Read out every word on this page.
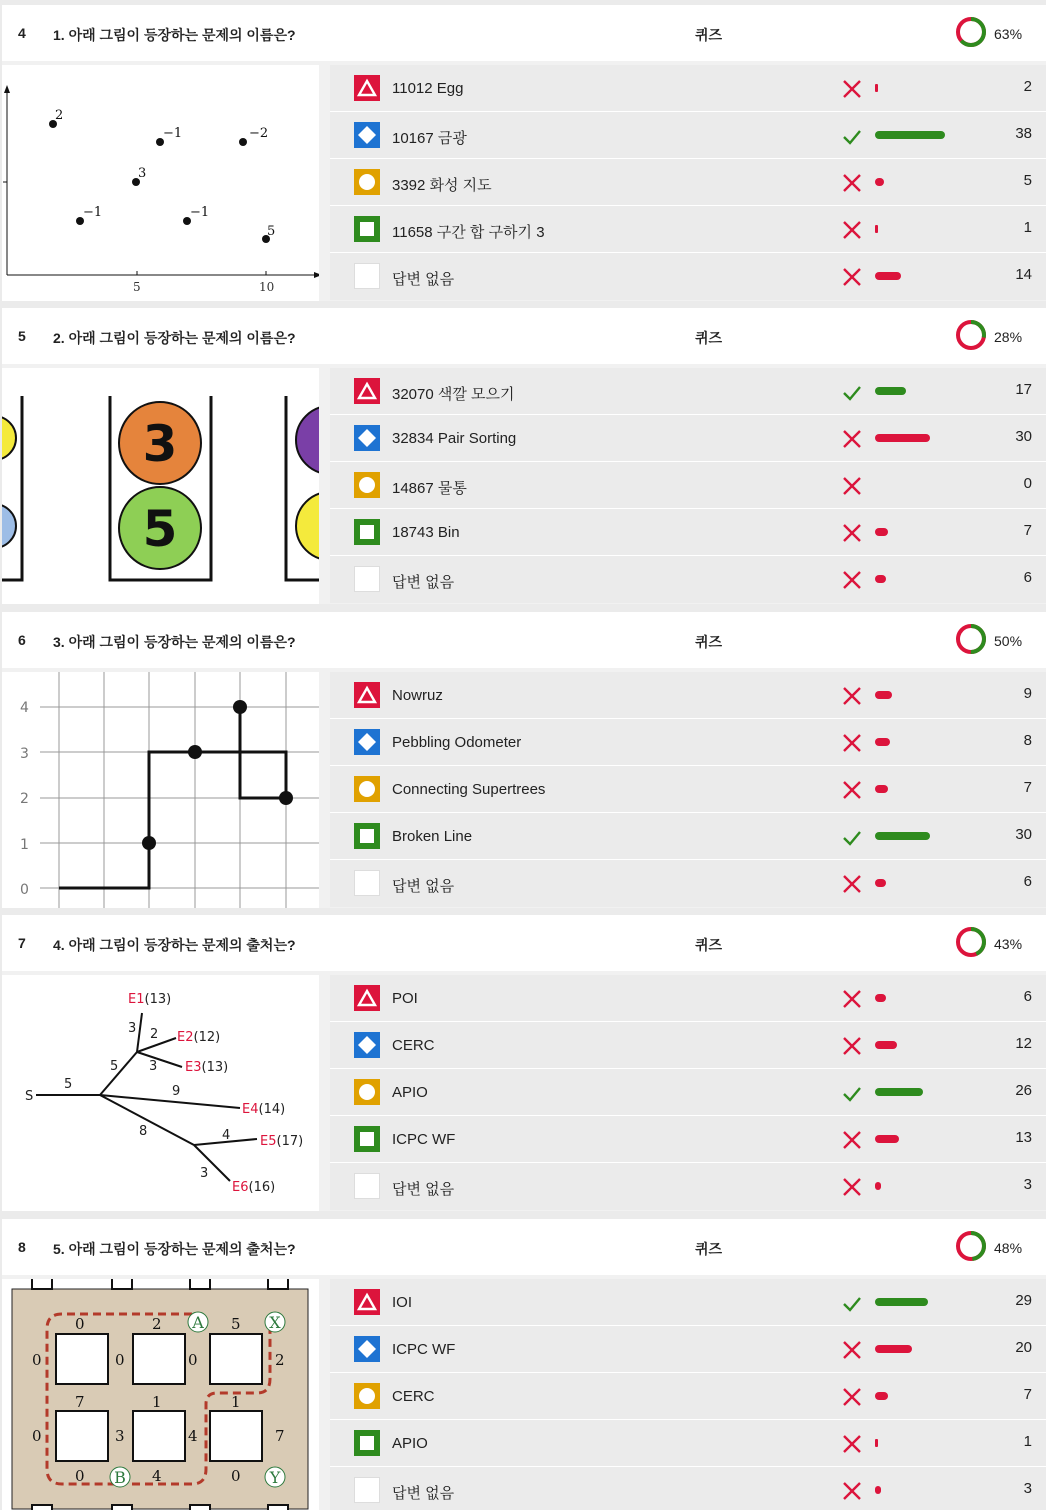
4 1. 아래 그림이 등장하는 문제의 이름은?	퀴즈	63%
5	10
2
−1	−2
3
−1	−1
5
11012 Egg	2
10167 금광	38
3392 화성 지도	5
11658 구간 합 구하기 3	1
답변 없음	14
5 2. 아래 그림이 등장하는 문제의 이름은?	퀴즈	28%
3
5
32070 색깔 모으기	17
32834 Pair Sorting	30
14867 물통	0
18743 Bin	7
답변 없음	6
6 3. 아래 그림이 등장하는 문제의 이름은?	퀴즈	50%
0
1
2
3
4
Nowruz	9
Pebbling Odometer	8
Connecting Supertrees	7
Broken Line	30
답변 없음	6
7 4. 아래 그림이 등장하는 문제의 출처는?	퀴즈	43%
S
5
5
3 2
3
9
8	4
3
E1(13)
E2(12)
E3(13)
E4(14)
E5(17)
E6(16)
POI	6
CERC	12
APIO	26
ICPC WF	13
답변 없음	3
8 5. 아래 그림이 등장하는 문제의 출처는?	퀴즈	48%
0	2	5
0	0	0	2
7	1	1
0	3	4	7
0	4	0
A	X
B	Y
IOI	29
ICPC WF	20
CERC	7
APIO	1
답변 없음	3
